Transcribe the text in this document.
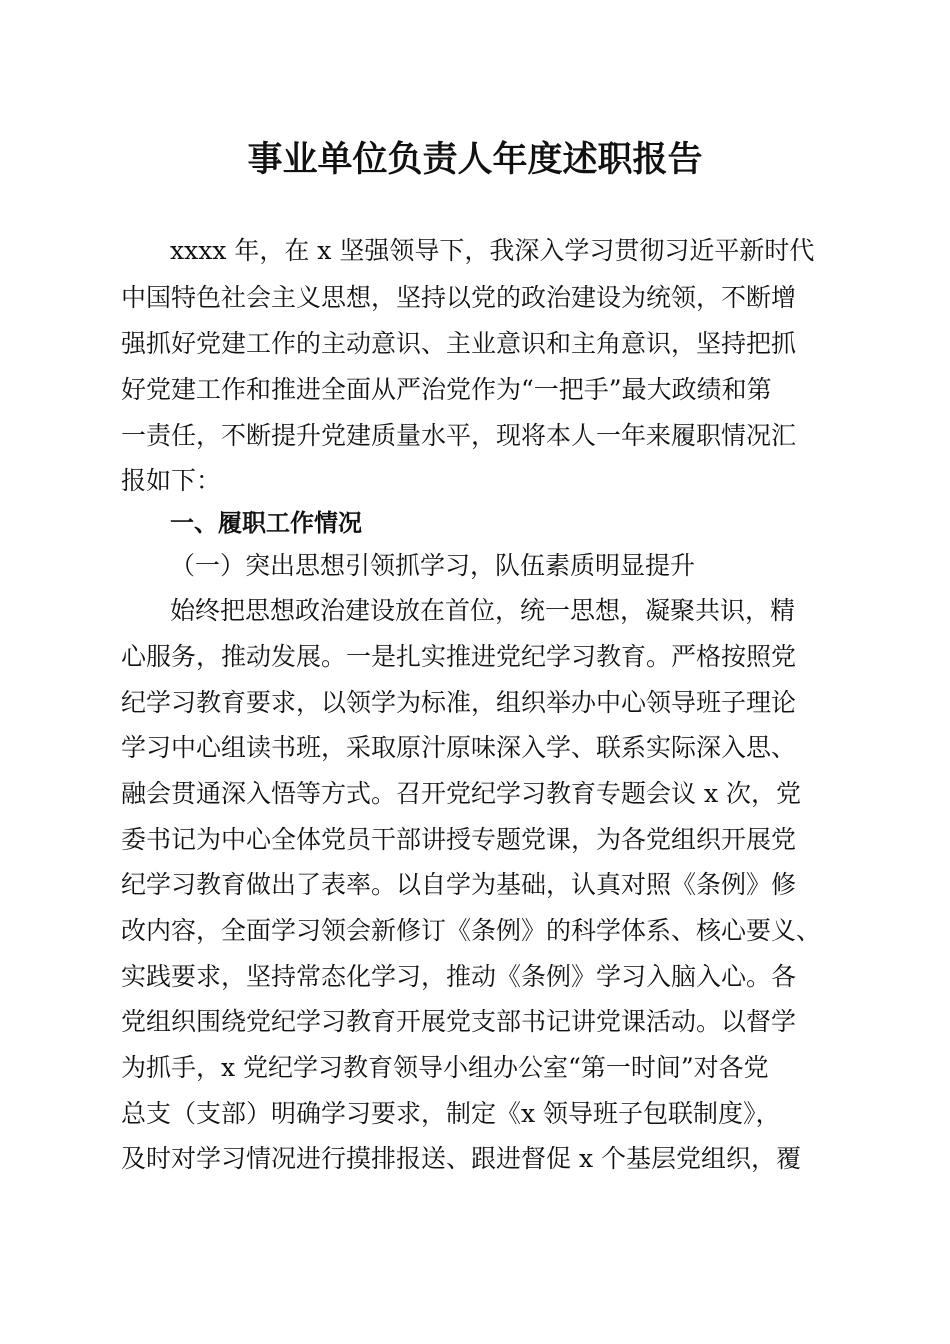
事业单位负责人年度述职报告

xxxx 年，在 x 坚强领导下，我深入学习贯彻习近平新时代

中国特色社会主义思想，坚持以党的政治建设为统领，不断增

强抓好党建工作的主动意识、主业意识和主角意识，坚持把抓

好党建工作和推进全面从严治党作为“一把手”最大政绩和第

一责任，不断提升党建质量水平，现将本人一年来履职情况汇

报如下：

一、履职工作情况

（一）突出思想引领抓学习，队伍素质明显提升

始终把思想政治建设放在首位，统一思想，凝聚共识，精

心服务，推动发展。一是扎实推进党纪学习教育。严格按照党

纪学习教育要求，以领学为标准，组织举办中心领导班子理论

学习中心组读书班，采取原汁原味深入学、联系实际深入思、

融会贯通深入悟等方式。召开党纪学习教育专题会议 x 次，党

委书记为中心全体党员干部讲授专题党课，为各党组织开展党

纪学习教育做出了表率。以自学为基础，认真对照《条例》修

改内容，全面学习领会新修订《条例》的科学体系、核心要义、

实践要求，坚持常态化学习，推动《条例》学习入脑入心。各

党组织围绕党纪学习教育开展党支部书记讲党课活动。以督学

为抓手，x 党纪学习教育领导小组办公室“第一时间”对各党

总支（支部）明确学习要求，制定《x 领导班子包联制度》，

及时对学习情况进行摸排报送、跟进督促 x 个基层党组织，覆
